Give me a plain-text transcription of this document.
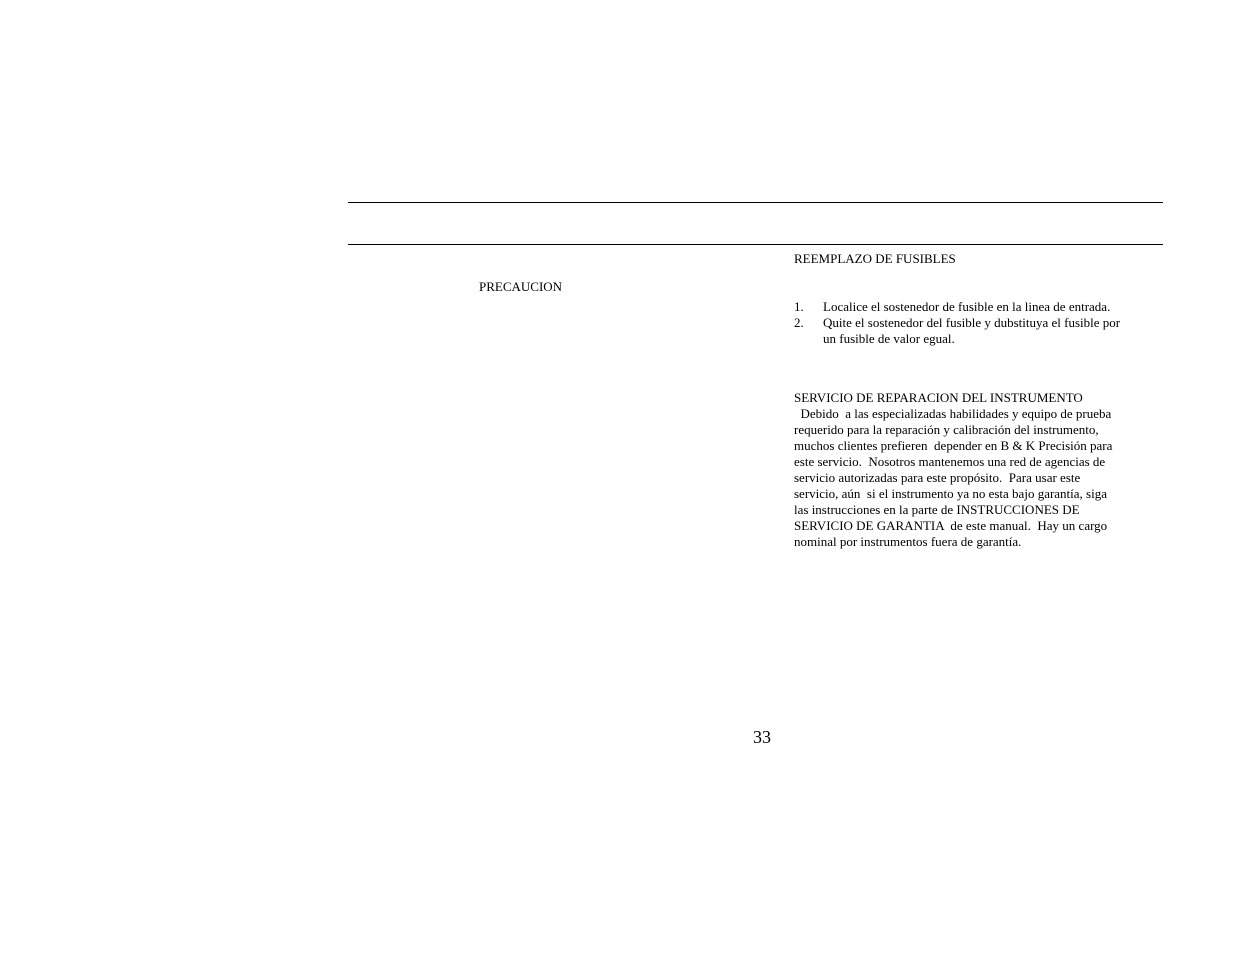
PRECAUCION
REEMPLAZO DE FUSIBLES
1. Localice el sostenedor de fusible en la linea de entrada.
2. Quite el sostenedor del fusible y dubstituya el fusible por
un fusible de valor egual.
SERVICIO DE REPARACION DEL INSTRUMENTO
Debido  a las especializadas habilidades y equipo de prueba
requerido para la reparación y calibración del instrumento,
muchos clientes prefieren  depender en B & K Precisión para
este servicio.  Nosotros mantenemos una red de agencias de
servicio autorizadas para este propósito.  Para usar este
servicio, aún  si el instrumento ya no esta bajo garantía, siga
las instrucciones en la parte de INSTRUCCIONES DE
SERVICIO DE GARANTIA  de este manual.  Hay un cargo
nominal por instrumentos fuera de garantía.
33
